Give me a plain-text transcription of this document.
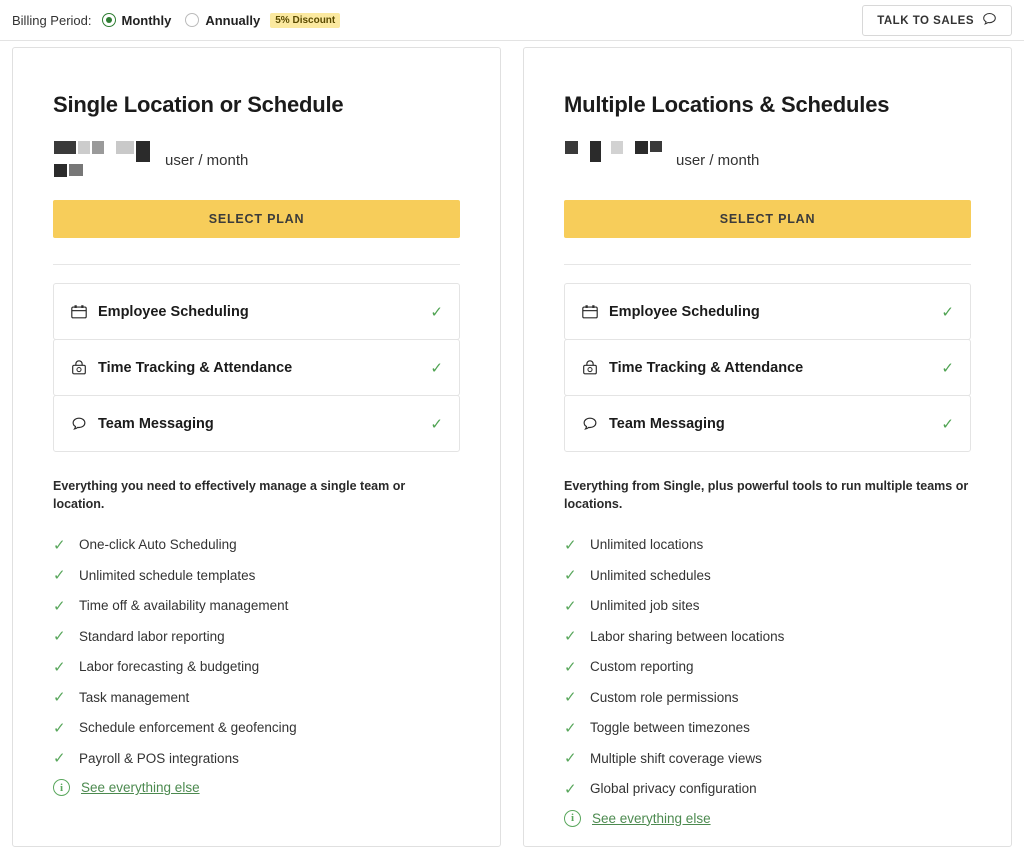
Billing Period: Monthly	Annually	5% Discount	TALK TO SALES
Single Location or Schedule
user / month
SELECT PLAN
Employee Scheduling	✓
Time Tracking & Attendance	✓
Team Messaging	✓
Everything you need to effectively manage a single team or location.
✓ One-click Auto Scheduling
✓ Unlimited schedule templates
✓ Time off & availability management
✓ Standard labor reporting
✓ Labor forecasting & budgeting
✓ Task management
✓ Schedule enforcement & geofencing
✓ Payroll & POS integrations
i	See everything else
Multiple Locations & Schedules
user / month
SELECT PLAN
Employee Scheduling	✓
Time Tracking & Attendance	✓
Team Messaging	✓
Everything from Single, plus powerful tools to run multiple teams or locations.
✓ Unlimited locations
✓ Unlimited schedules
✓ Unlimited job sites
✓ Labor sharing between locations
✓ Custom reporting
✓ Custom role permissions
✓ Toggle between timezones
✓ Multiple shift coverage views
✓ Global privacy configuration
i	See everything else
